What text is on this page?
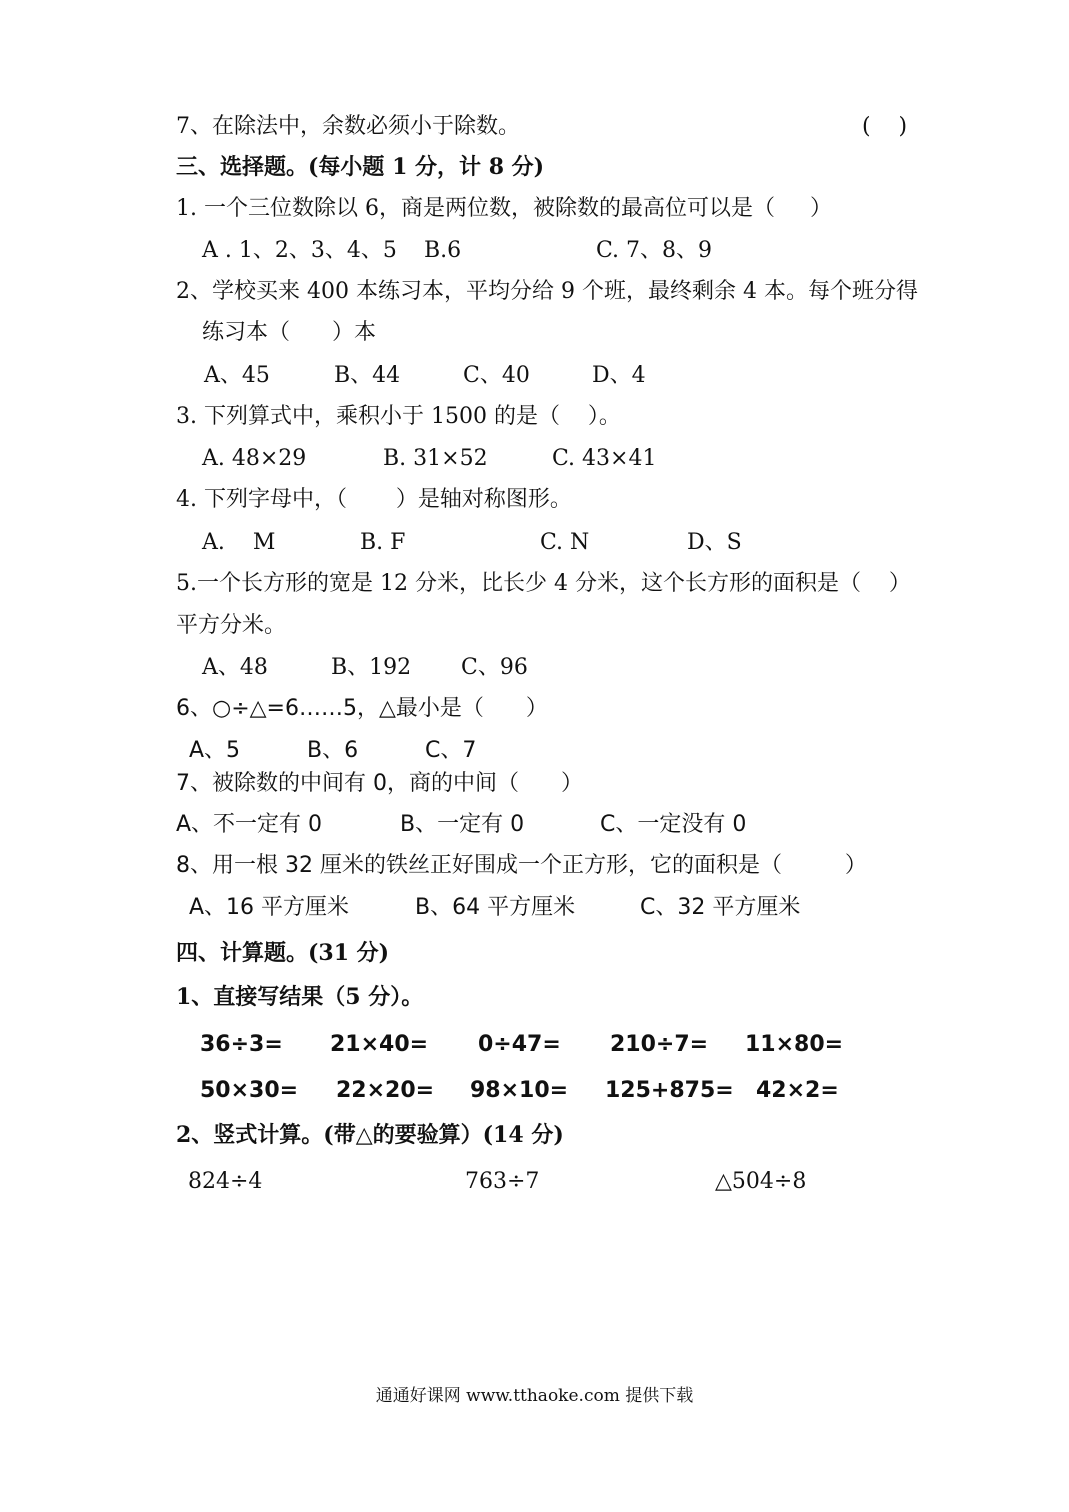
7、在除法中，余数必须小于除数。	(    )
三、选择题。(每小题 1 分，计 8 分)
1. 一个三位数除以 6，商是两位数，被除数的最高位可以是（     ）
A . 1、2、3、4、5 B.6	C. 7、8、9
2、学校买来 400 本练习本，平均分给 9 个班，最终剩余 4 本。每个班分得
练习本（      ）本
A、45	B、44	C、40	D、4
3. 下列算式中，乘积小于 1500 的是（    ）。
A. 48×29	B. 31×52	C. 43×41
4. 下列字母中，（       ）是轴对称图形。
A.    M	B. F	C. N	D、S
5.一个长方形的宽是 12 分米，比长少 4 分米，这个长方形的面积是（    ）
平方分米。
A、48	B、192 C、96
6、○÷△=6……5，△最小是（      ）
A、5	B、6	C、7
7、被除数的中间有 0，商的中间（      ）
A、不一定有 0	B、一定有 0	C、一定没有 0
8、用一根 32 厘米的铁丝正好围成一个正方形，它的面积是（         ）
A、16 平方厘米	B、64 平方厘米	C、32 平方厘米
四、计算题。(31 分)
1、直接写结果（5 分）。
36÷3= 21×40= 0÷47= 210÷7= 11×80=
50×30= 22×20= 98×10= 125+875= 42×2=
2、竖式计算。(带△的要验算）(14 分)
824÷4	763÷7	△504÷8
通通好课网 www.tthaoke.com 提供下载
